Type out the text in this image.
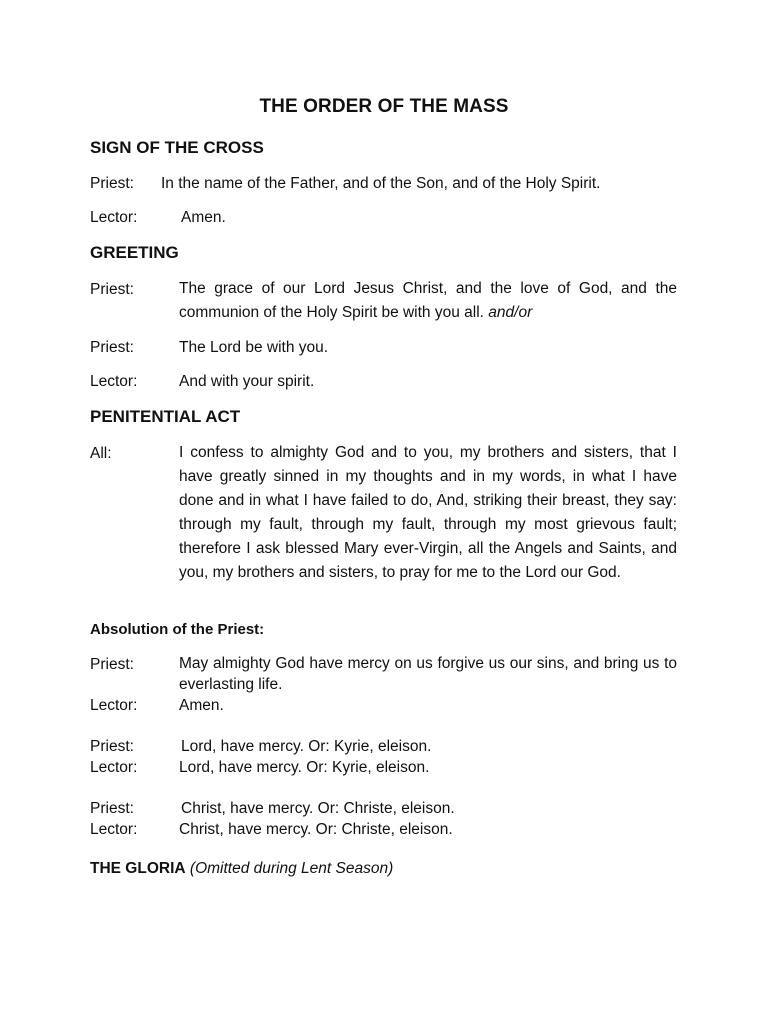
THE ORDER OF THE MASS
SIGN OF THE CROSS
Priest: In the name of the Father, and of the Son, and of the Holy Spirit.
Lector:	Amen.
GREETING
Priest:	The grace of our Lord Jesus Christ, and the love of God, and the communion of the Holy Spirit be with you all. and/or
Priest:	The Lord be with you.
Lector:	And with your spirit.
PENITENTIAL ACT
All:	I confess to almighty God and to you, my brothers and sisters, that I have greatly sinned in my thoughts and in my words, in what I have done and in what I have failed to do, And, striking their breast, they say: through my fault, through my fault, through my most grievous fault; therefore I ask blessed Mary ever-Virgin, all the Angels and Saints, and you, my brothers and sisters, to pray for me to the Lord our God.
Absolution of the Priest:
Priest:	May almighty God have mercy on us forgive us our sins, and bring us to everlasting life.
Lector:	Amen.
Priest:	Lord, have mercy. Or: Kyrie, eleison.
Lector:	Lord, have mercy. Or: Kyrie, eleison.
Priest:	Christ, have mercy. Or: Christe, eleison.
Lector:	Christ, have mercy. Or: Christe, eleison.
THE GLORIA (Omitted during Lent Season)
